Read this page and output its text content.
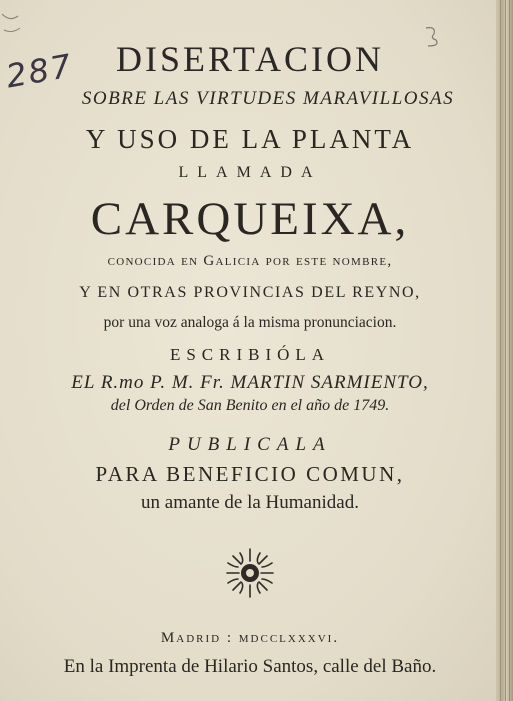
287	DISERTACION
SOBRE LAS VIRTUDES MARAVILLOSAS
Y USO DE LA PLANTA
LLAMADA
CARQUEIXA,
conocida en Galicia por este nombre,
Y EN OTRAS PROVINCIAS DEL REYNO,
por una voz analoga á la misma pronunciacion.
ESCRIBIÓLA
EL R.mo P. M. Fr. MARTIN SARMIENTO,
del Orden de San Benito en el año de 1749.
PUBLICALA
PARA BENEFICIO COMUN,
un amante de la Humanidad.
Madrid : mdcclxxxvi.
En la Imprenta de Hilario Santos, calle del Baño.
